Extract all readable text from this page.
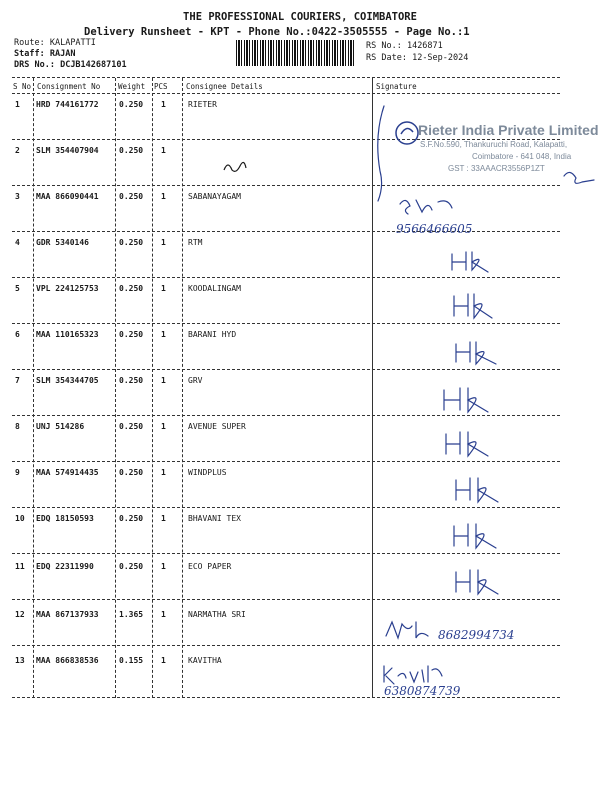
THE PROFESSIONAL COURIERS, COIMBATORE
Delivery Runsheet - KPT - Phone No.:0422-3505555 - Page No.:1
Route: KALAPATTI
Staff: RAJAN
DRS No.: DCJB142687101
RS No.: 1426871
RS Date: 12-Sep-2024
S No Consignment No Weight PCS Consignee Details	Signature
1 HRD 744161772	0.250 1	RIETER
2 SLM 354407904	0.250 1
3 MAA 866090441	0.250 1	SABANAYAGAM
4 GDR 5340146	0.250 1	RTM
5 VPL 224125753	0.250 1	KOODALINGAM
6 MAA 110165323	0.250 1	BARANI HYD
7 SLM 354344705	0.250 1	GRV
8 UNJ 514286	0.250 1	AVENUE SUPER
9 MAA 574914435	0.250 1	WINDPLUS
10 EDQ 18150593	0.250 1	BHAVANI TEX
11 EDQ 22311990	0.250 1	ECO PAPER
12 MAA 867137933	1.365 1	NARMATHA SRI
13 MAA 866838536	0.155 1	KAVITHA
Rieter India Private Limited
S.F.No.590, Thankuruchi Road, Kalapatti,
Coimbatore - 641 048, India
GST : 33AAACR3556P1ZT
9566466605
8682994734
6380874739
